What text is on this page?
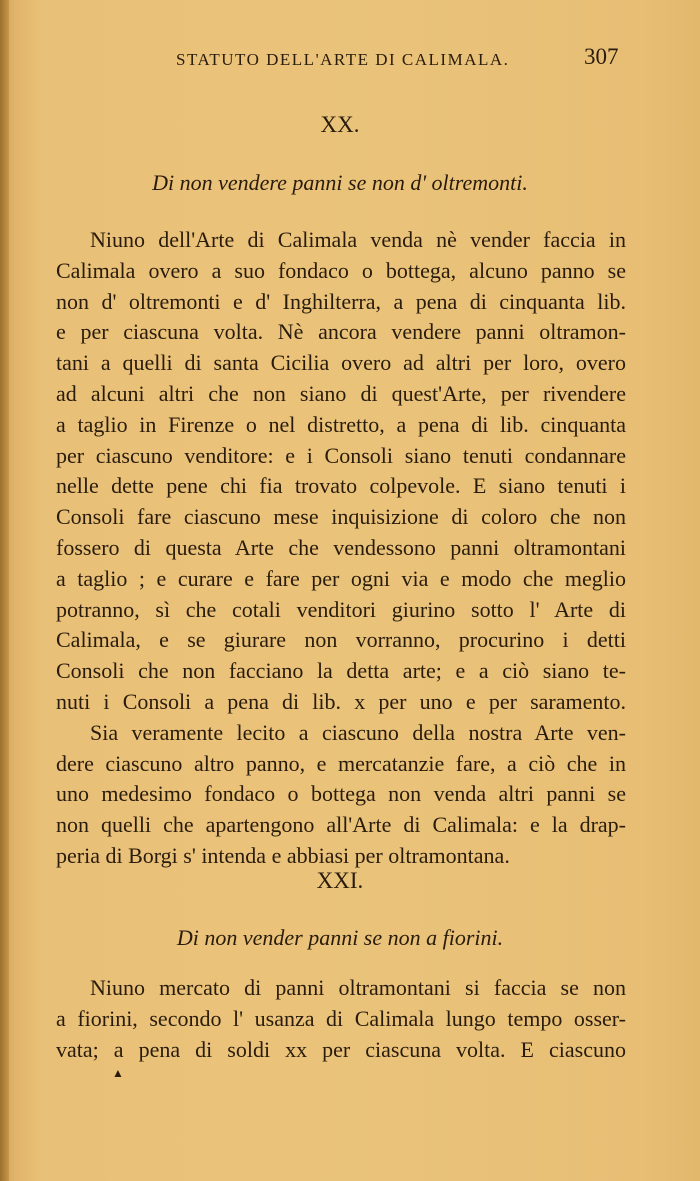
STATUTO DELL'ARTE DI CALIMALA.	307
XX.
Di non vendere panni se non d' oltremonti.
Niuno dell'Arte di Calimala venda nè vender faccia in
Calimala overo a suo fondaco o bottega, alcuno panno se
non d' oltremonti e d' Inghilterra, a pena di cinquanta lib.
e per ciascuna volta. Nè ancora vendere panni oltramon-
tani a quelli di santa Cicilia overo ad altri per loro, overo
ad alcuni altri che non siano di quest'Arte, per rivendere
a taglio in Firenze o nel distretto, a pena di lib. cinquanta
per ciascuno venditore: e i Consoli siano tenuti condannare
nelle dette pene chi fia trovato colpevole. E siano tenuti i
Consoli fare ciascuno mese inquisizione di coloro che non
fossero di questa Arte che vendessono panni oltramontani
a taglio ; e curare e fare per ogni via e modo che meglio
potranno, sì che cotali venditori giurino sotto l' Arte di
Calimala, e se giurare non vorranno, procurino i detti
Consoli che non facciano la detta arte; e a ciò siano te-
nuti i Consoli a pena di lib. x per uno e per saramento.
Sia veramente lecito a ciascuno della nostra Arte ven-
dere ciascuno altro panno, e mercatanzie fare, a ciò che in
uno medesimo fondaco o bottega non venda altri panni se
non quelli che apartengono all'Arte di Calimala: e la drap-
peria di Borgi s' intenda e abbiasi per oltramontana.
XXI.
Di non vender panni se non a fiorini.
Niuno mercato di panni oltramontani si faccia se non
a fiorini, secondo l' usanza di Calimala lungo tempo osser-
vata; a pena di soldi xx per ciascuna volta. E ciascuno
▲
